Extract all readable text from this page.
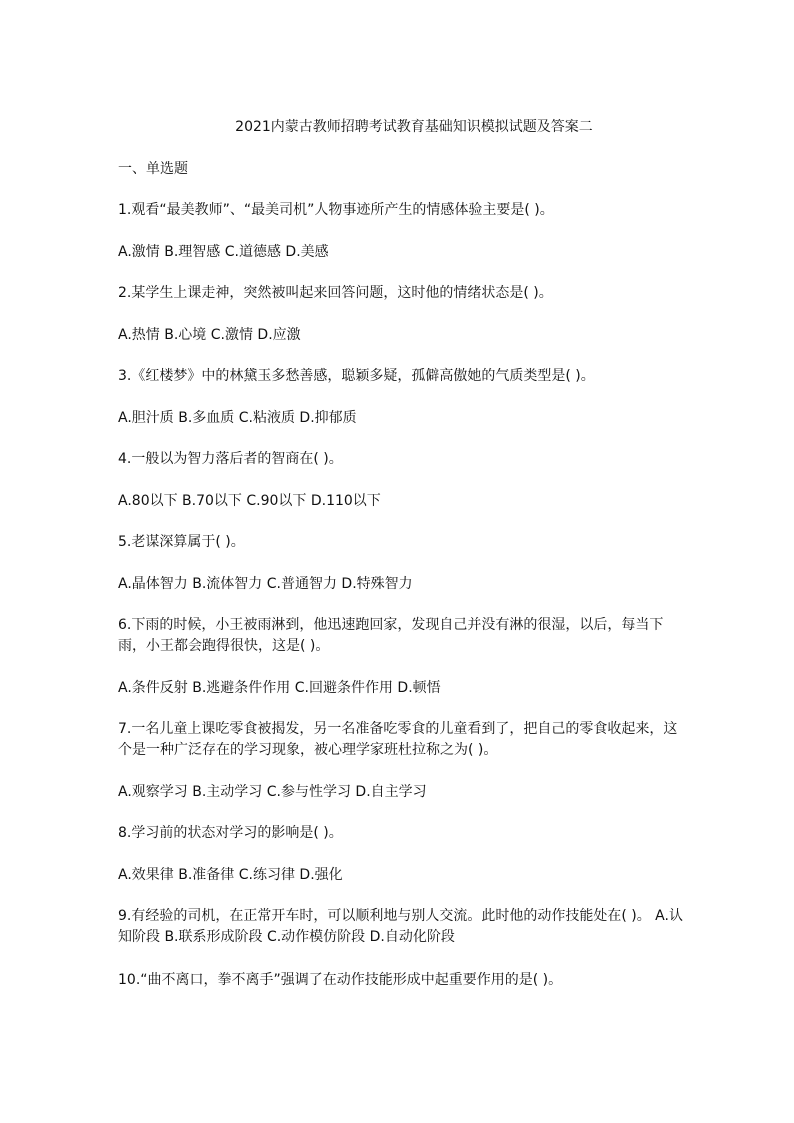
2021内蒙古教师招聘考试教育基础知识模拟试题及答案二
一、单选题
1.观看“最美教师”、“最美司机”人物事迹所产生的情感体验主要是( )。
A.激情 B.理智感 C.道德感 D.美感
2.某学生上课走神，突然被叫起来回答问题，这时他的情绪状态是( )。
A.热情 B.心境 C.激情 D.应激
3.《红楼梦》中的林黛玉多愁善感，聪颖多疑，孤僻高傲她的气质类型是( )。
A.胆汁质 B.多血质 C.粘液质 D.抑郁质
4.一般以为智力落后者的智商在( )。
A.80以下 B.70以下 C.90以下 D.110以下
5.老谋深算属于( )。
A.晶体智力 B.流体智力 C.普通智力 D.特殊智力
6.下雨的时候，小王被雨淋到，他迅速跑回家，发现自己并没有淋的很湿，以后，每当下雨，小王都会跑得很快，这是( )。
A.条件反射 B.逃避条件作用 C.回避条件作用 D.顿悟
7.一名儿童上课吃零食被揭发，另一名准备吃零食的儿童看到了，把自己的零食收起来，这个是一种广泛存在的学习现象，被心理学家班杜拉称之为( )。
A.观察学习 B.主动学习 C.参与性学习 D.自主学习
8.学习前的状态对学习的影响是( )。
A.效果律 B.准备律 C.练习律 D.强化
9.有经验的司机，在正常开车时，可以顺利地与别人交流。此时他的动作技能处在( )。 A.认知阶段 B.联系形成阶段 C.动作模仿阶段 D.自动化阶段
10.“曲不离口，拳不离手”强调了在动作技能形成中起重要作用的是( )。
